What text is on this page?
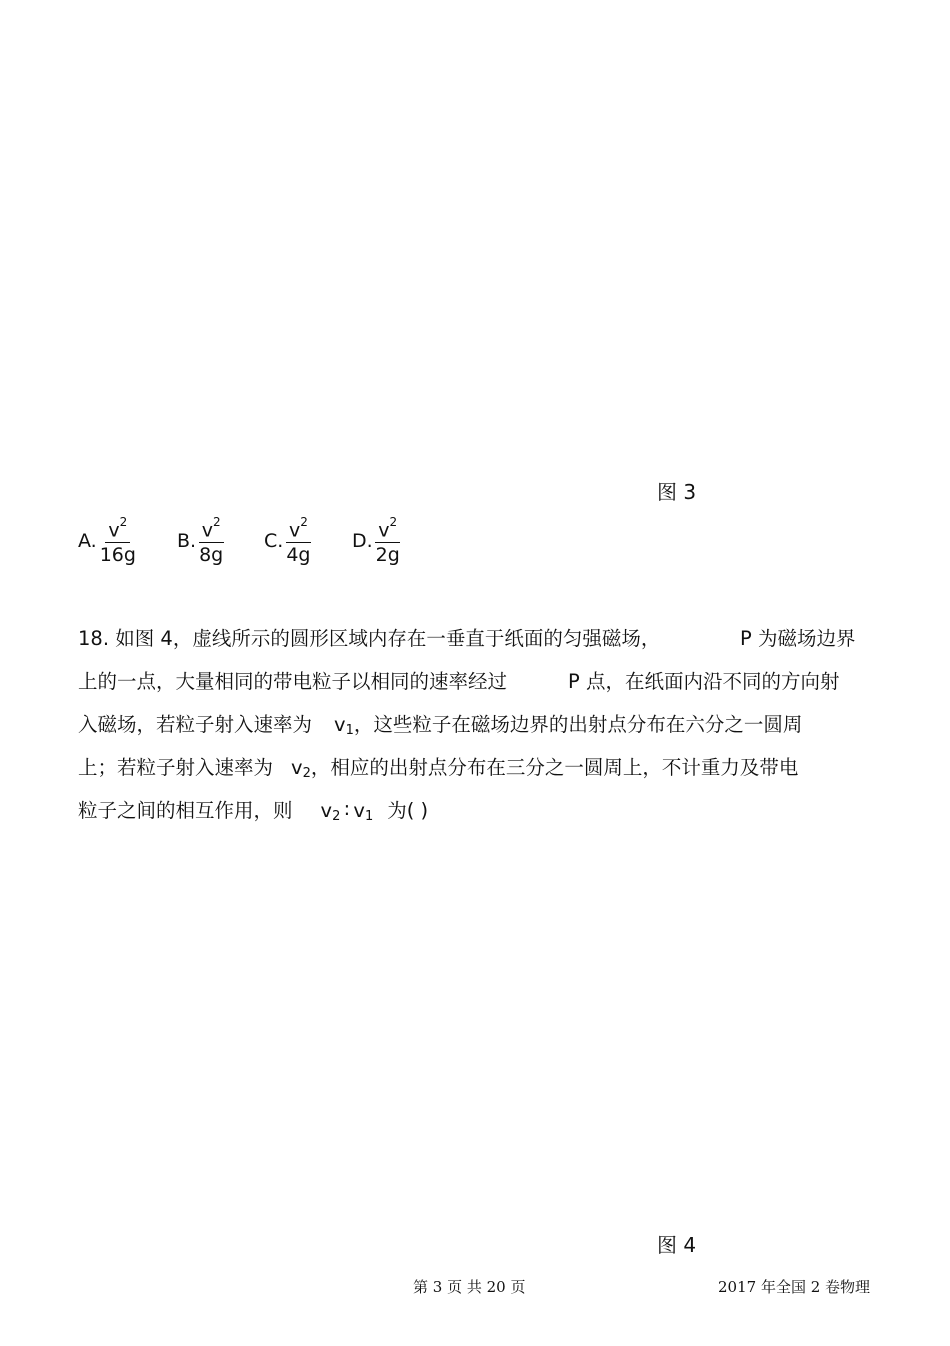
图 3
A. $\frac{v^2}{16g} B$. $\frac{v^2}{8g} C$. $\frac{v^2}{4g} D$. $\frac{v^2}{2g}$
18. 如图 4，虚线所示的圆形区域内存在一垂直于纸面的匀强磁场，	P 为磁场边界
上的一点，大量相同的带电粒子以相同的速率经过	P 点，在纸面内沿不同的方向射
入磁场，若粒子射入速率为 v1，这些粒子在磁场边界的出射点分布在六分之一圆周
上；若粒子射入速率为 v2，相应的出射点分布在三分之一圆周上，不计重力及带电
粒子之间的相互作用，则 v2 ∶ v1 为( )
图 4
第 3 页 共 20 页	2017 年全国 2 卷物理
